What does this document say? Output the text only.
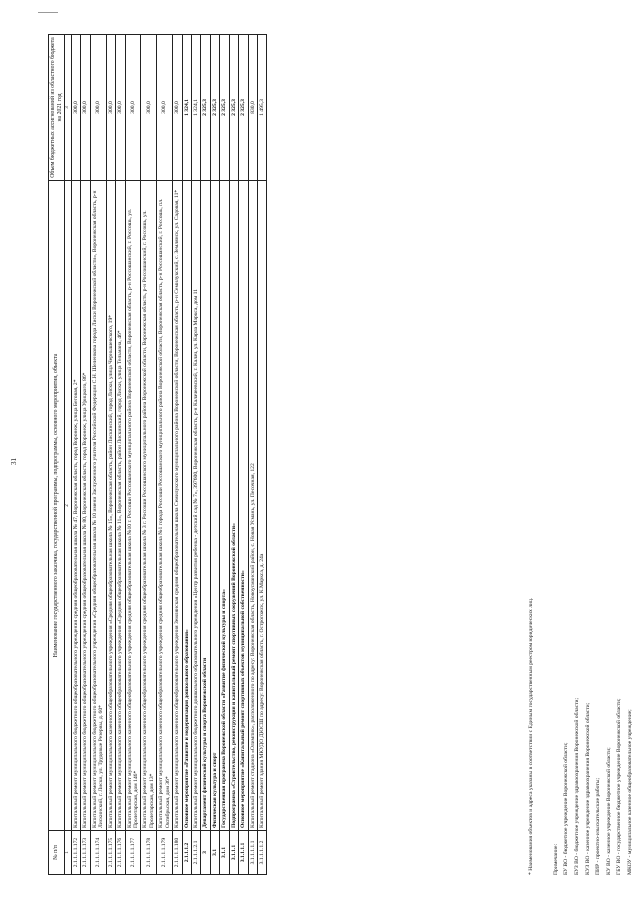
31
№ п/п	Наименование государственного заказчика, государственной программы, подпрограммы, основного мероприятия, объекта	Объем бюджетных ассигнований из областного бюджета на 2021 год
1	2	3
2.1.1.1.1.172	Капитальный ремонт муниципального бюджетного общеобразовательного учреждения средняя общеобразовательная школа № 47, Воронежская область, город Воронеж, улица Беговая, 2*	300,0
2.1.1.1.1.173	Капитальный ремонт муниципального бюджетного общеобразовательного учреждения средняя общеобразовательная школа № 80, Воронежская область, город Воронеж, улица Урицкого, 86*	300,0
2.1.1.1.1.174	Капитальный ремонт муниципального бюджетного общеобразовательного учреждения «Средняя общеобразовательная школа № 10 имени Заслуженного учителя Российской Федерации С.Н. Шеленкова города Лиски Воронежской области», Воронежская область, р-н Лискинский, г. Лиски, ул. Трудовые Резервы, д. 60*	300,0
2.1.1.1.1.175	Капитальный ремонт муниципального казенного общеобразовательного учреждения «Средняя общеобразовательная школа № 15», Воронежская область, район Лискинский, город Лиски, улица Чернышевского, 19*	300,0
2.1.1.1.1.176	Капитальный ремонт муниципального казенного общеобразовательного учреждения «Средняя общеобразовательная школа № 11», Воронежская область, район Лискинский, город Лиски, улица Тельмана, 46*	300,0
2.1.1.1.1.177	Капитальный ремонт муниципального казенного общеобразовательного учреждения средняя общеобразовательная школа №10 г. Россоши Россошанского муниципального района Воронежской области, Воронежская область, р-н Россошанский, г. Россошь, ул. Пролетарская, дом 146*	300,0
2.1.1.1.1.178	Капитальный ремонт муниципального казенного общеобразовательного учреждения средняя общеобразовательная школа № 3 г. Россоши Россошанского муниципального района Воронежской области, Воронежская область, р-н Россошанский, г. Россошь, ул. Пролетарская, дом 13*	300,0
2.1.1.1.1.179	Капитальный ремонт муниципального казенного общеобразовательного учреждения средняя общеобразовательная школа №1 города Россоши Россошанского муниципального района Воронежской области, Воронежская область, р-н Россошанский, г. Россошь, пл. Октябрьская, дом 36*	300,0
2.1.1.1.1.180	Капитальный ремонт муниципального казенного общеобразовательного учреждения Землянская средняя общеобразовательная школа Семилукского муниципального района Воронежской области, Воронежская область, р-н Семилукский, с. Землянск, ул. Садовая, 11*	300,0
2.1.1.1.2	Основное мероприятие «Развитие и модернизация дошкольного образования»	1 324,1
2.1.1.1.2.1	Капитальный ремонт муниципального бюджетного дошкольного образовательного учреждения «Центр развития ребенка - детский сад № 7», 397600, Воронежская область, р-н Калачеевский, г. Калач, ул. Карла Маркса, дом 11	1 324,1
3	Департамент физической культуры и спорта Воронежской области	2 325,3
3.1	Физическая культура и спорт	2 325,3
3.1.1	Государственная программа Воронежской области «Развитие физической культуры и спорта»	2 325,3
3.1.1.1	Подпрограмма «Строительство, реконструкция и капитальный ремонт спортивных сооружений Воронежской области»	2 325,3
3.1.1.1.1	Основное мероприятие «Капитальный ремонт спортивных объектов муниципальной собственности»	2 325,3
3.1.1.1.1.1	Капитальный ремонт стадиона «Олимпик», расположенного по адресу: Воронежская область, Новоусманский район, с. Новая Усмань, ул. Песочная, 122	830,0
3.1.1.1.1.2	Капитальный ремонт здания МКУДО ДЮСШ по адресу: Воронежская область, г. Острогожск, ул. К.Маркса, д. 24а	1 495,3
* Наименования объектов и адреса указаны в соответствии с Единым государственным реестром юридических лиц.	Примечание: БУ ВО - бюджетное учреждение Воронежской области; БУЗ ВО - бюджетное учреждение здравоохранения Воронежской области; КУЗ ВО - казенное учреждение здравоохранения Воронежской области; ПИР - проектно-изыскательские работы; КУ ВО - казенное учреждение Воронежской области; ГБУ ВО - государственное бюджетное учреждение Воронежской области; МКОУ - муниципальное казенное общеобразовательное учреждение;
